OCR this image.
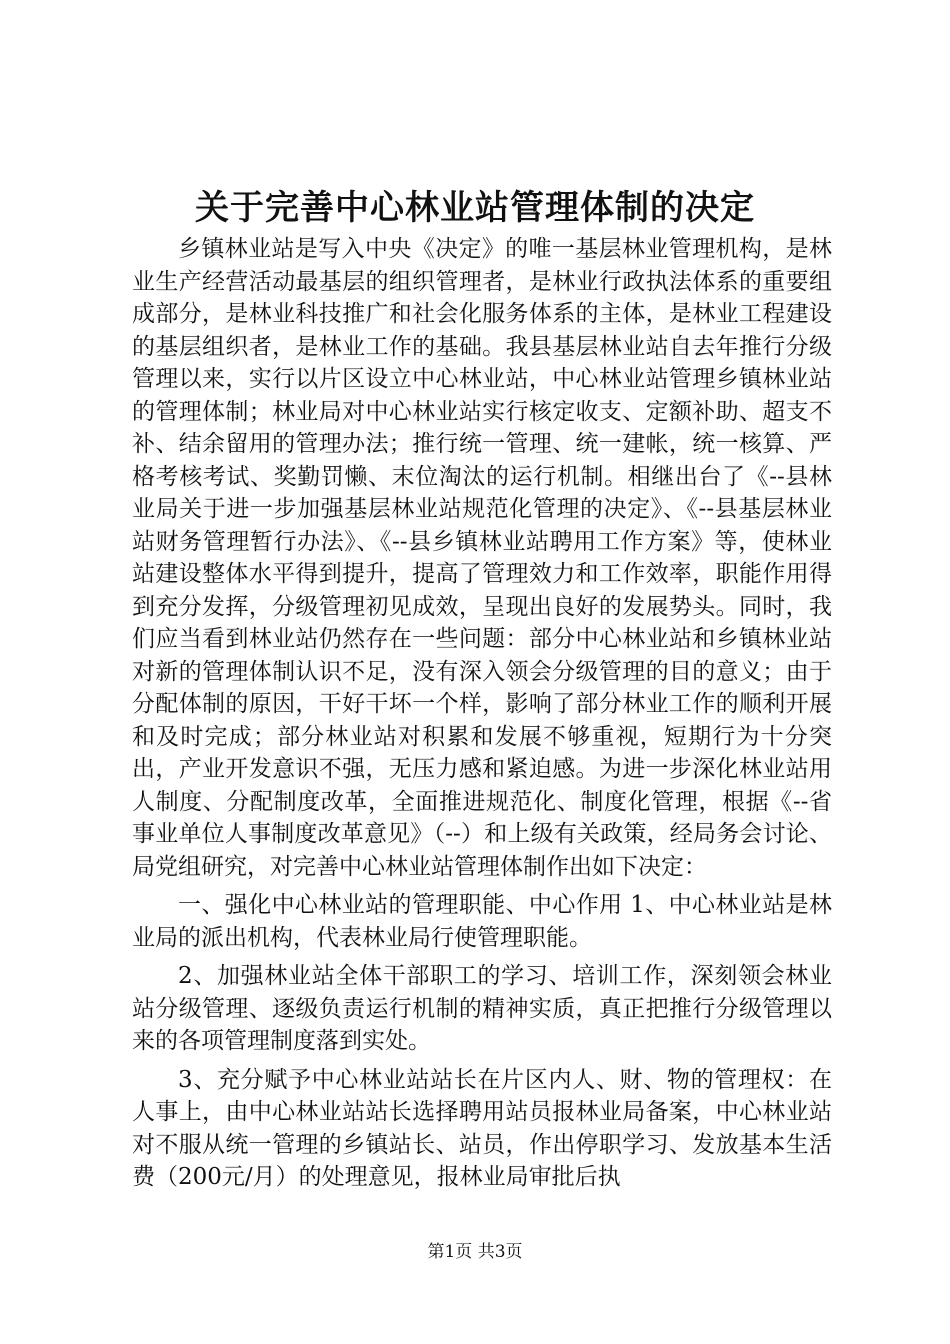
关于完善中心林业站管理体制的决定

乡镇林业站是写入中央《决定》的唯一基层林业管理机构，是林业生产经营活动最基层的组织管理者，是林业行政执法体系的重要组成部分，是林业科技推广和社会化服务体系的主体，是林业工程建设的基层组织者，是林业工作的基础。我县基层林业站自去年推行分级管理以来，实行以片区设立中心林业站，中心林业站管理乡镇林业站的管理体制；林业局对中心林业站实行核定收支、定额补助、超支不补、结余留用的管理办法；推行统一管理、统一建帐，统一核算、严格考核考试、奖勤罚懒、末位淘汰的运行机制。相继出台了《--县林业局关于进一步加强基层林业站规范化管理的决定》、《--县基层林业站财务管理暂行办法》、《--县乡镇林业站聘用工作方案》等，使林业站建设整体水平得到提升，提高了管理效力和工作效率，职能作用得到充分发挥，分级管理初见成效，呈现出良好的发展势头。同时，我们应当看到林业站仍然存在一些问题：部分中心林业站和乡镇林业站对新的管理体制认识不足，没有深入领会分级管理的目的意义；由于分配体制的原因，干好干坏一个样，影响了部分林业工作的顺利开展和及时完成；部分林业站对积累和发展不够重视，短期行为十分突出，产业开发意识不强，无压力感和紧迫感。为进一步深化林业站用人制度、分配制度改革，全面推进规范化、制度化管理，根据《--省事业单位人事制度改革意见》（--）和上级有关政策，经局务会讨论、局党组研究，对完善中心林业站管理体制作出如下决定：

一、强化中心林业站的管理职能、中心作用 1、中心林业站是林业局的派出机构，代表林业局行使管理职能。

2、加强林业站全体干部职工的学习、培训工作，深刻领会林业站分级管理、逐级负责运行机制的精神实质，真正把推行分级管理以来的各项管理制度落到实处。

3、充分赋予中心林业站站长在片区内人、财、物的管理权：在人事上，由中心林业站站长选择聘用站员报林业局备案，中心林业站对不服从统一管理的乡镇站长、站员，作出停职学习、发放基本生活费（200元/月）的处理意见，报林业局审批后执

第1页 共3页
